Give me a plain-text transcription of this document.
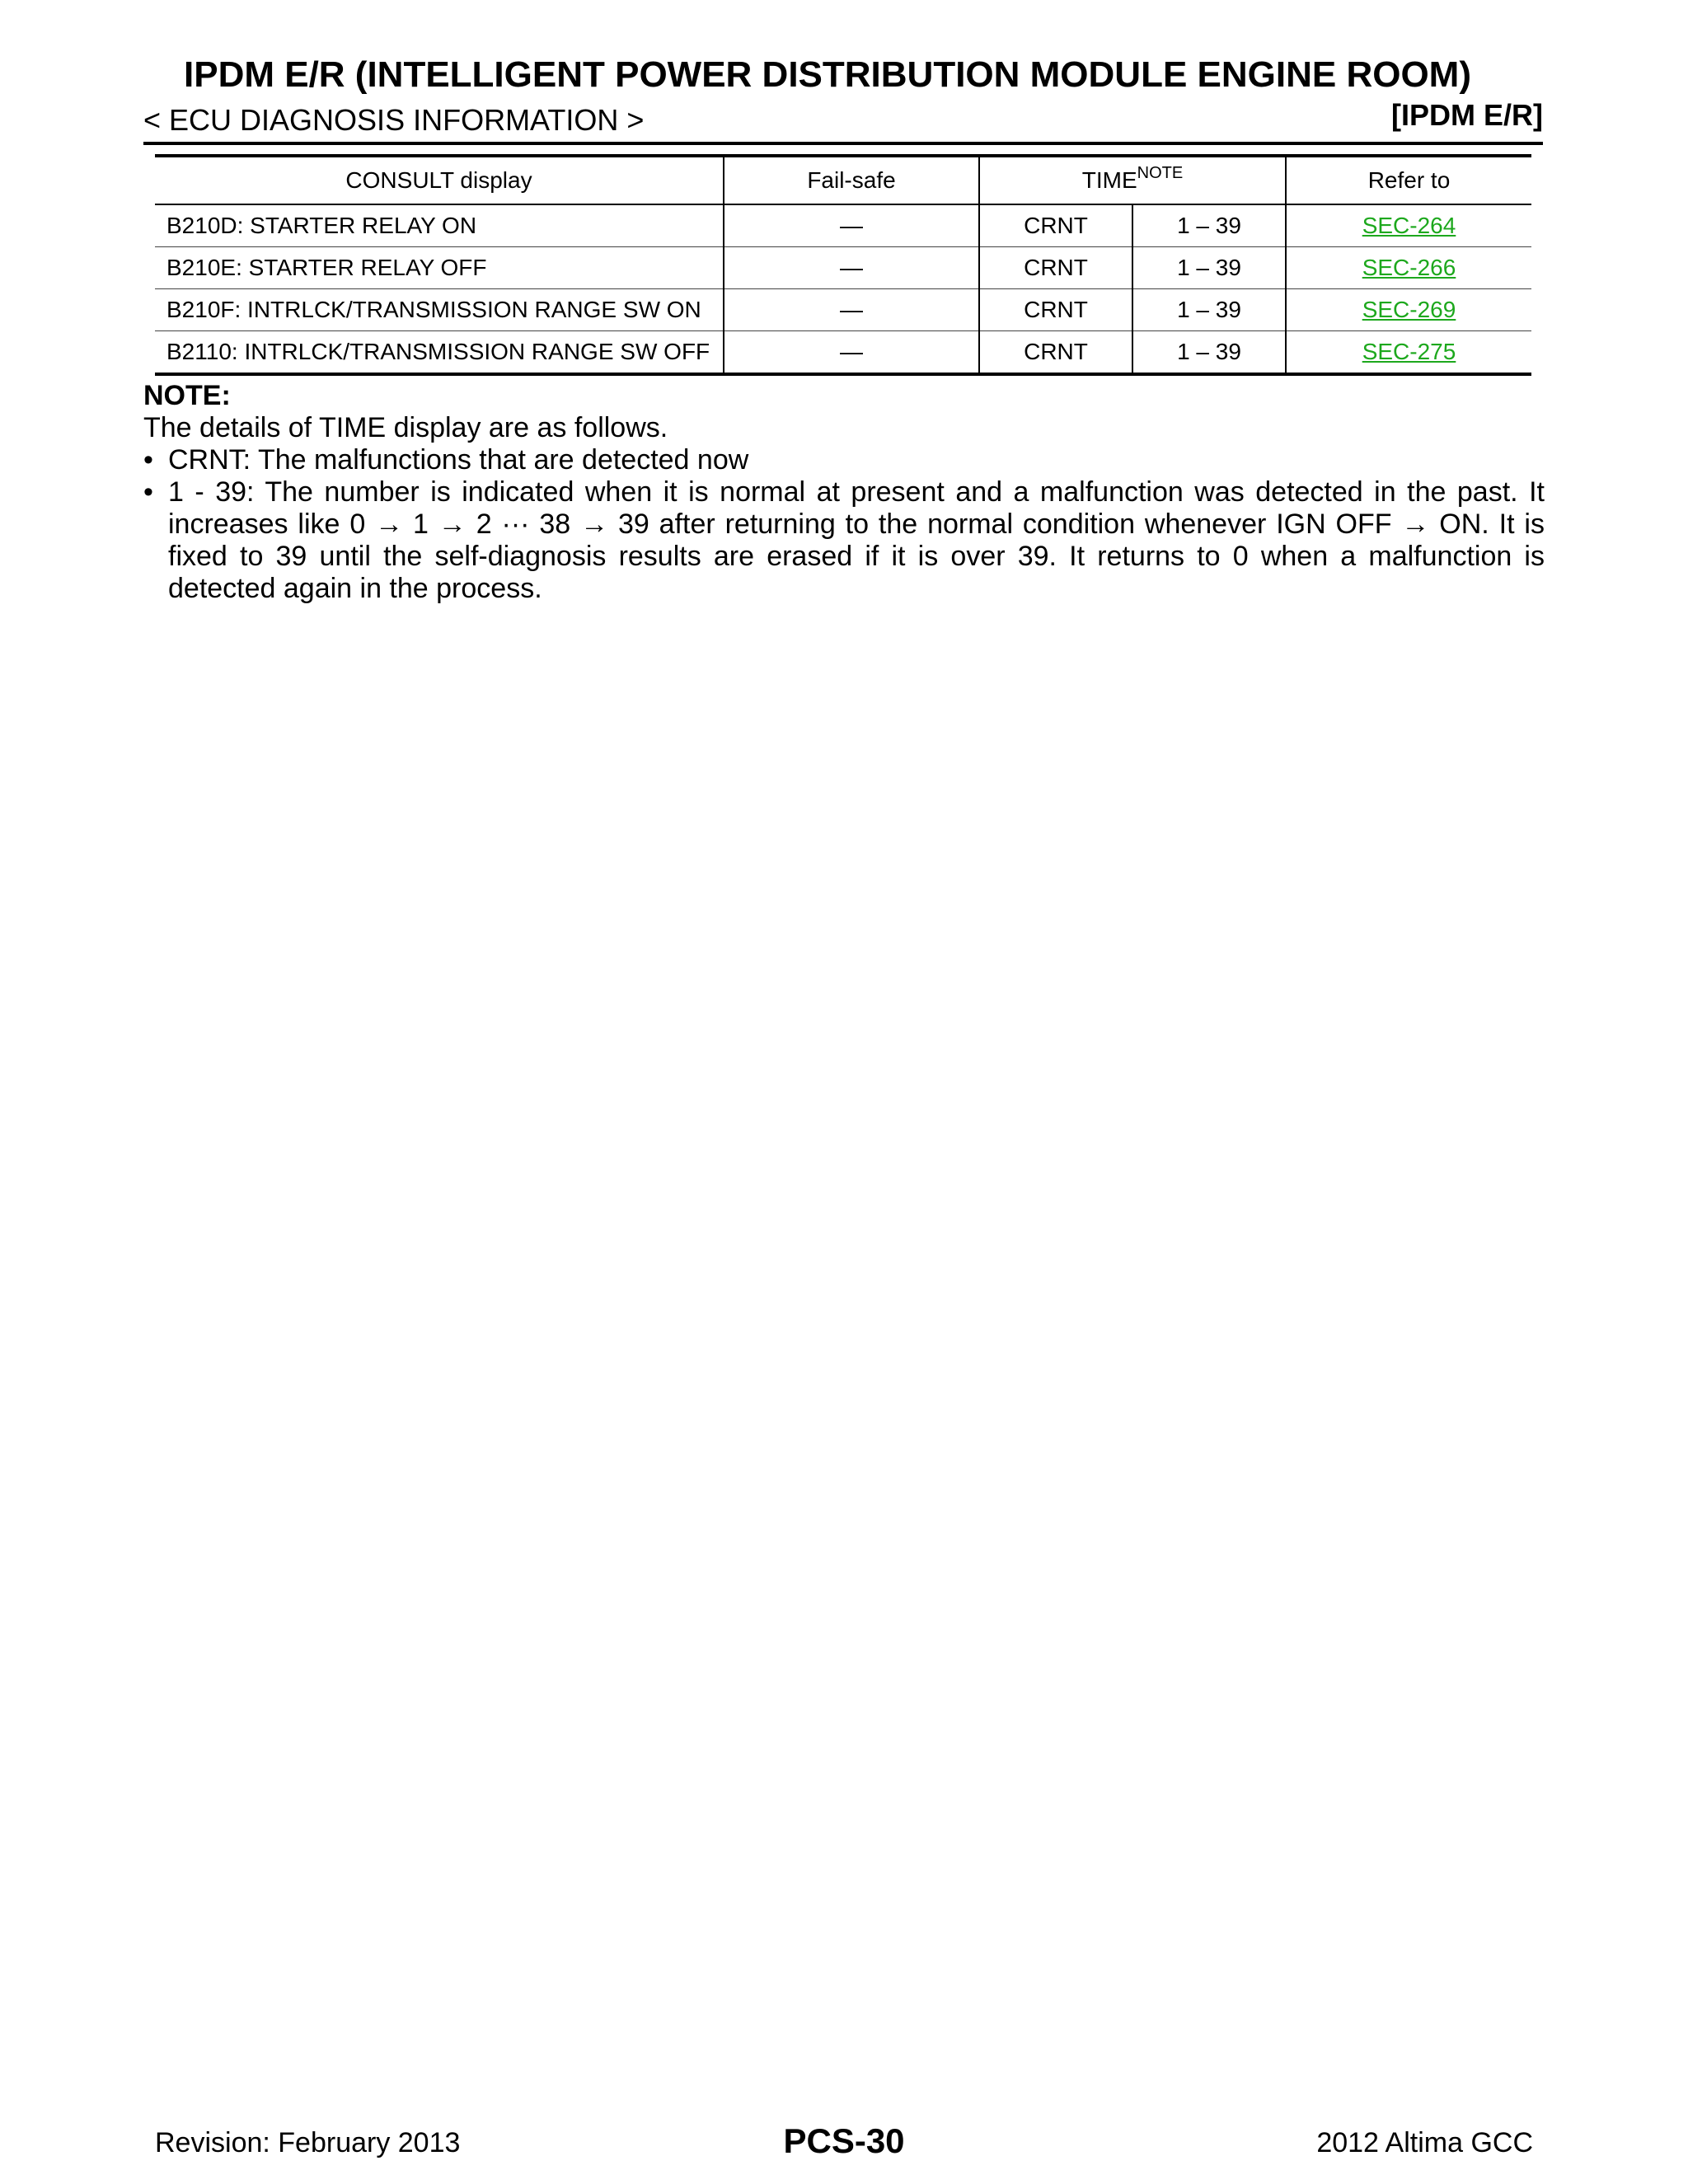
IPDM E/R (INTELLIGENT POWER DISTRIBUTION MODULE ENGINE ROOM)
< ECU DIAGNOSIS INFORMATION >	[IPDM E/R]
CONSULT display	Fail-safe	$TIME^{NOTE}$		Refer to
B210D: STARTER RELAY ON	—	CRNT	1 – 39	SEC-264
B210E: STARTER RELAY OFF	—	CRNT	1 – 39	SEC-266
B210F: INTRLCK/TRANSMISSION RANGE SW ON	—	CRNT	1 – 39	SEC-269
B2110: INTRLCK/TRANSMISSION RANGE SW OFF	—	CRNT	1 – 39	SEC-275
NOTE:
The details of TIME display are as follows.
• CRNT: The malfunctions that are detected now
• 1 - 39: The number is indicated when it is normal at present and a malfunction was detected in the past. It increases like 0 → 1 → 2 ··· 38 → 39 after returning to the normal condition whenever IGN OFF → ON. It is fixed to 39 until the self-diagnosis results are erased if it is over 39. It returns to 0 when a malfunction is detected again in the process.
Revision: February 2013	PCS-30	2012 Altima GCC
